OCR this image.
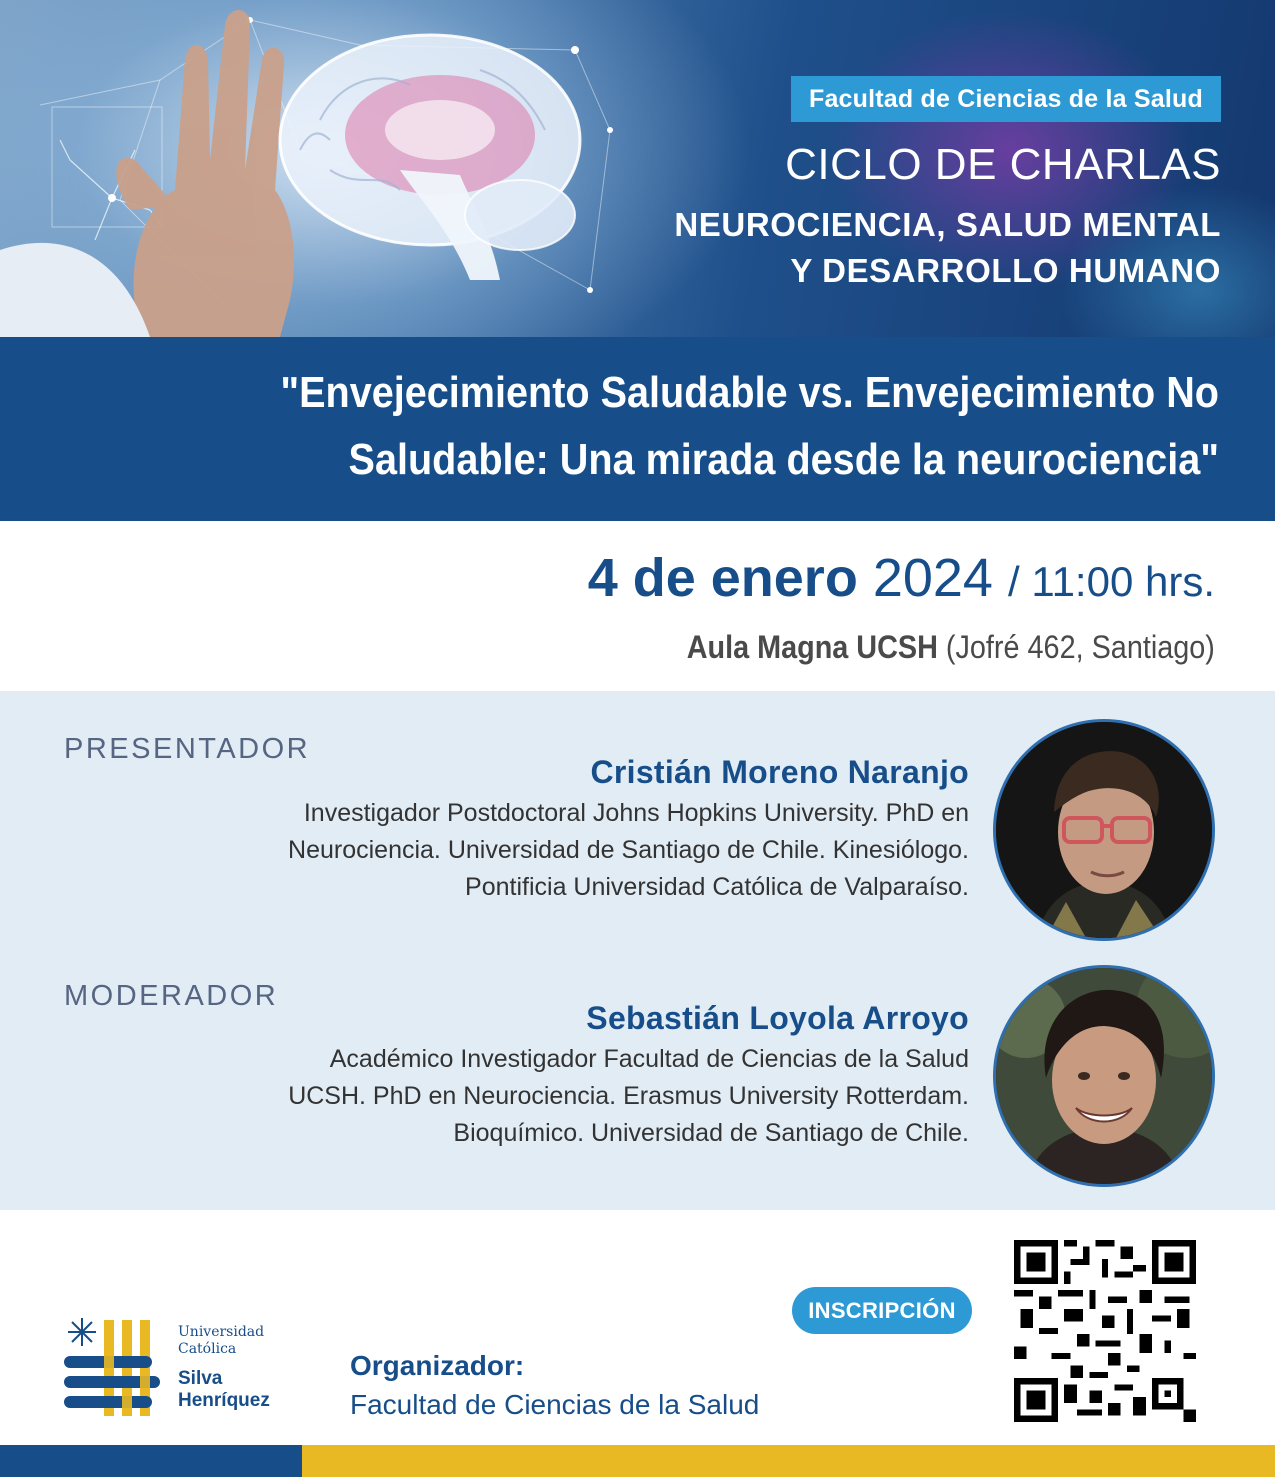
Facultad de Ciencias de la Salud
CICLO DE CHARLAS
NEUROCIENCIA, SALUD MENTAL
Y DESARROLLO HUMANO
"Envejecimiento Saludable vs. Envejecimiento No
Saludable: Una mirada desde la neurociencia"
4 de enero 2024 / 11:00 hrs.
Aula Magna UCSH (Jofré 462, Santiago)
PRESENTADOR
Cristián Moreno Naranjo
Investigador Postdoctoral Johns Hopkins University. PhD en
Neurociencia. Universidad de Santiago de Chile. Kinesiólogo.
Pontificia Universidad Católica de Valparaíso.
MODERADOR
Sebastián Loyola Arroyo
Académico Investigador Facultad de Ciencias de la Salud
UCSH. PhD en Neurociencia. Erasmus University Rotterdam.
Bioquímico. Universidad de Santiago de Chile.
Universidad
Católica
Silva
Henríquez
Organizador:
Facultad de Ciencias de la Salud
INSCRIPCIÓN
